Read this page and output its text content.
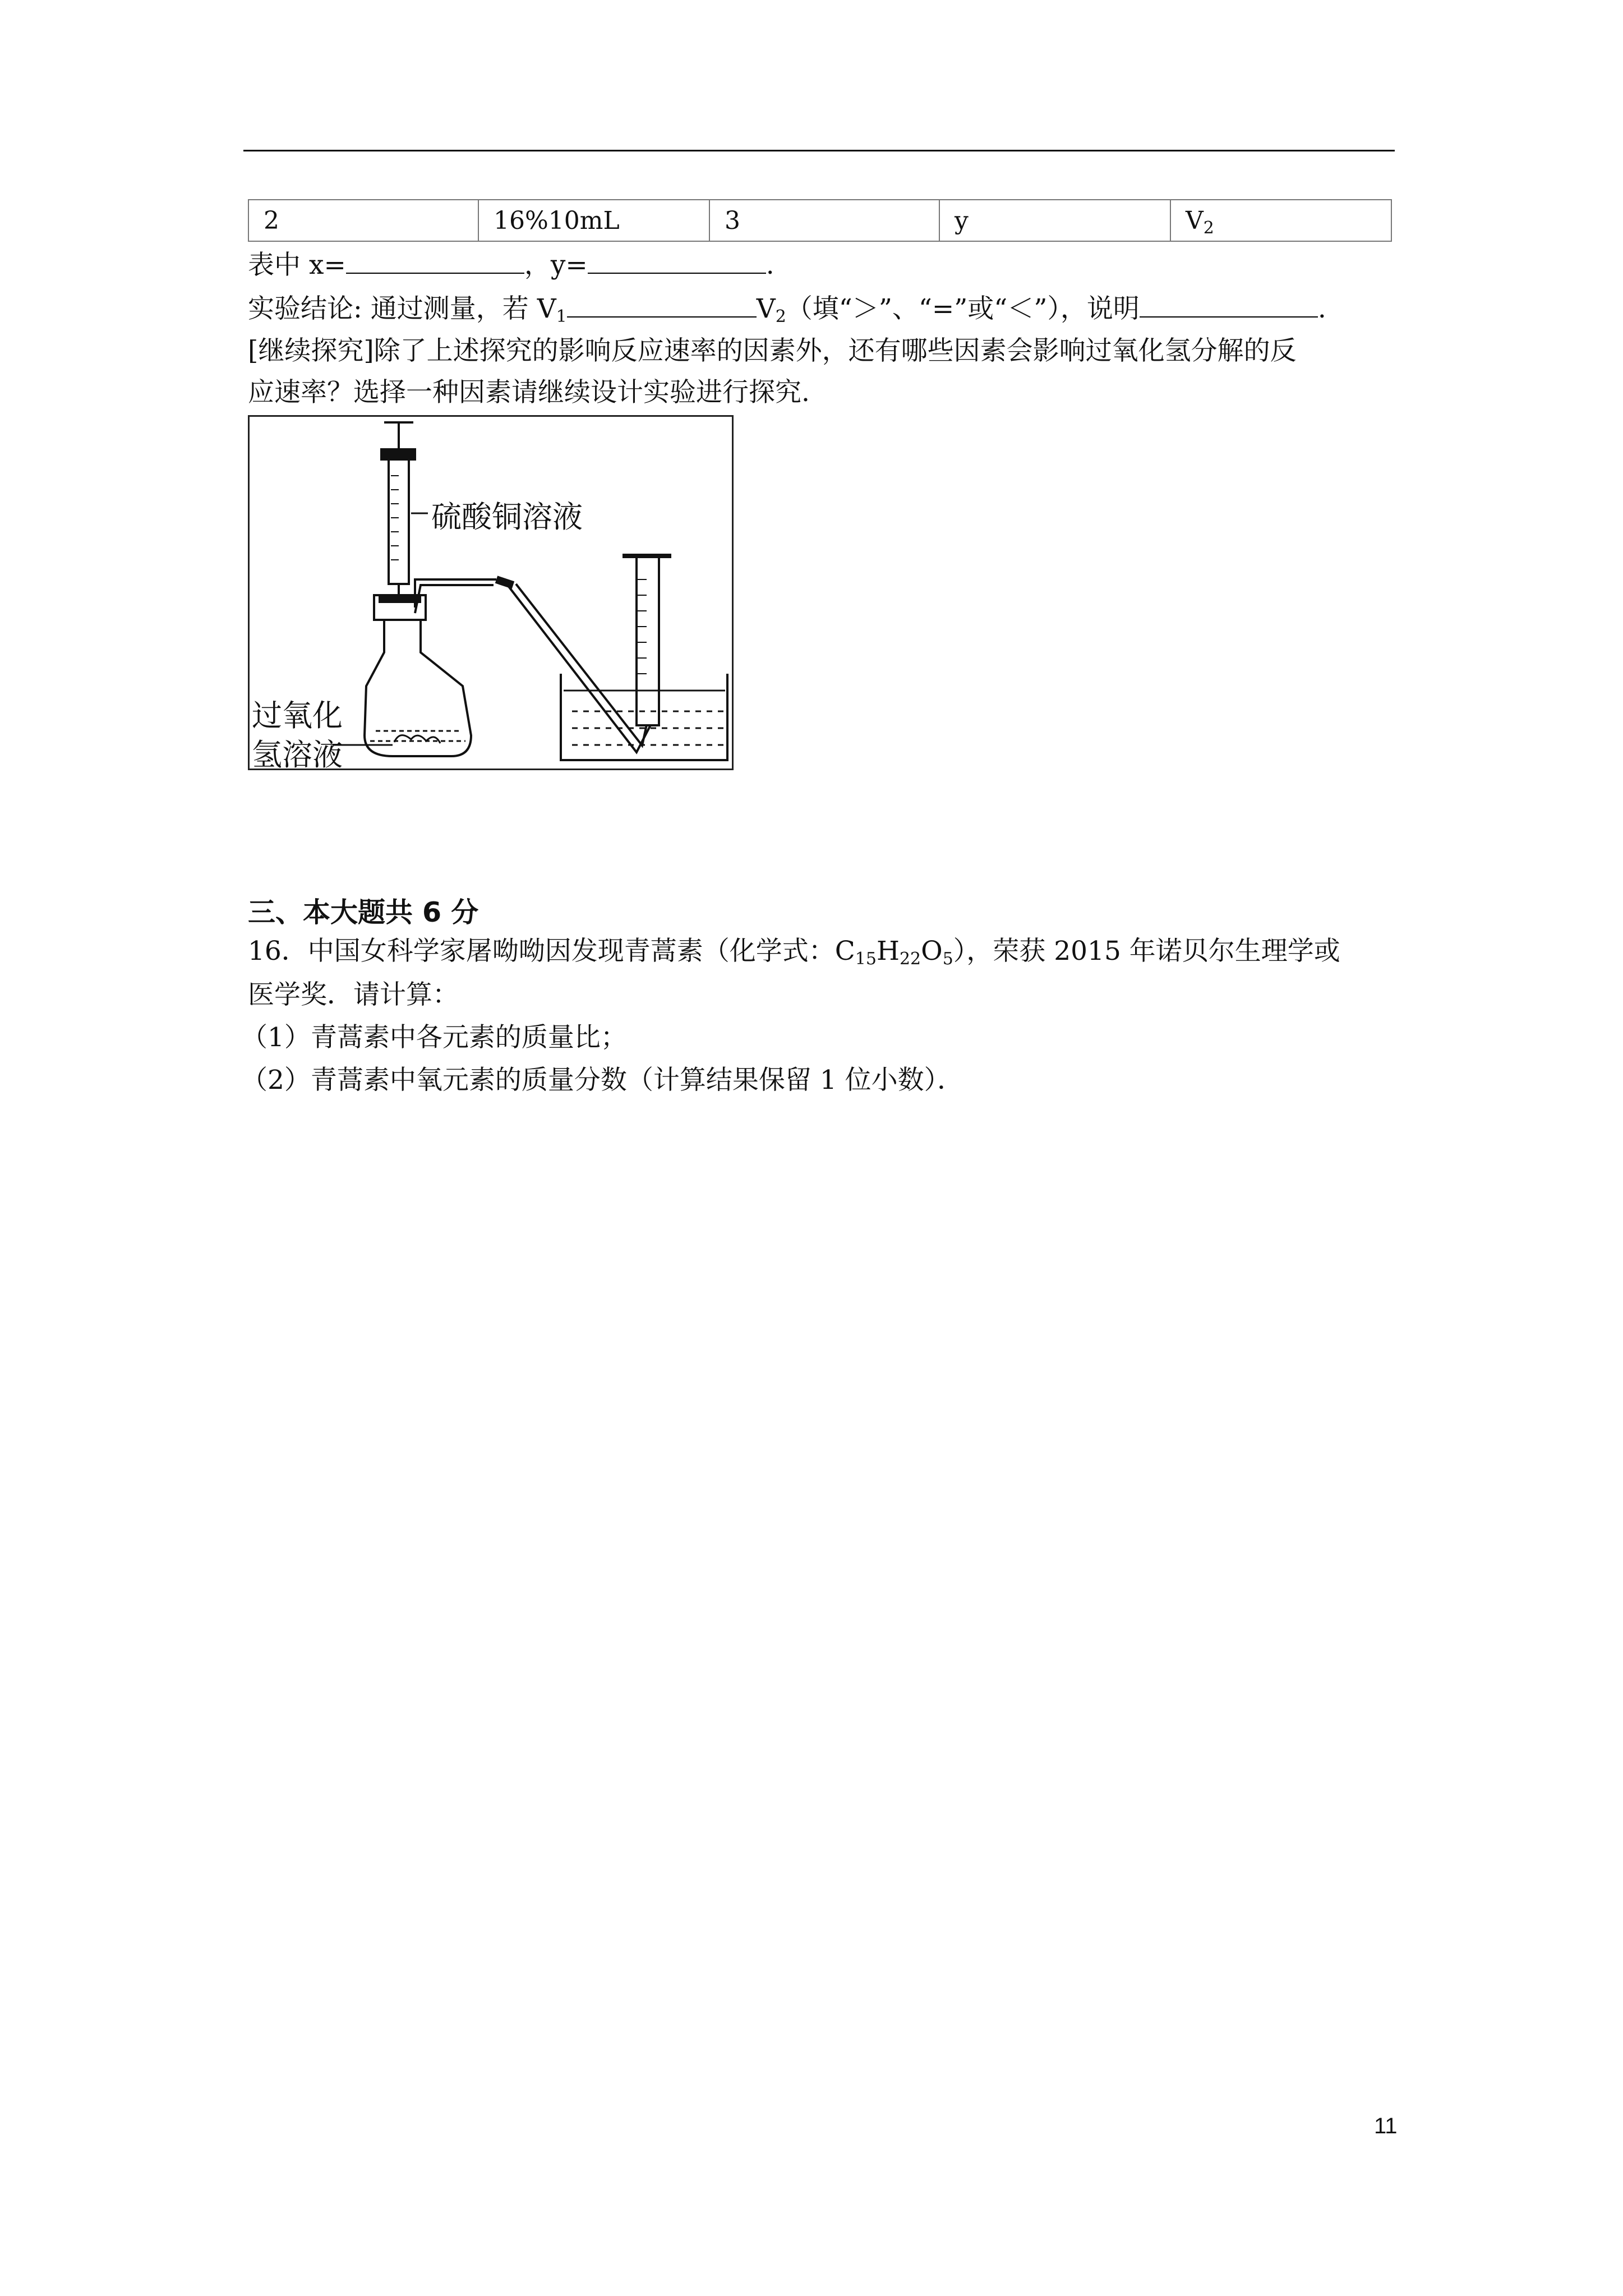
2	16%10mL	3	y	$V_2$
表中 x=	，y=	.
实验结论: 通过测量，若 $V_1$	$V_2$（填“＞”、“=”或“＜”），说明	.
[继续探究]除了上述探究的影响反应速率的因素外，还有哪些因素会影响过氧化氢分解的反
应速率？选择一种因素请继续设计实验进行探究.
硫酸铜溶液
过氧化
氢溶液
三、本大题共 6 分
16．中国女科学家屠呦呦因发现青蒿素（化学式：$C_{15}H_{22}O_5$），荣获 2015 年诺贝尔生理学或
医学奖．请计算：
（1）青蒿素中各元素的质量比；
（2）青蒿素中氧元素的质量分数（计算结果保留 1 位小数）．
11
